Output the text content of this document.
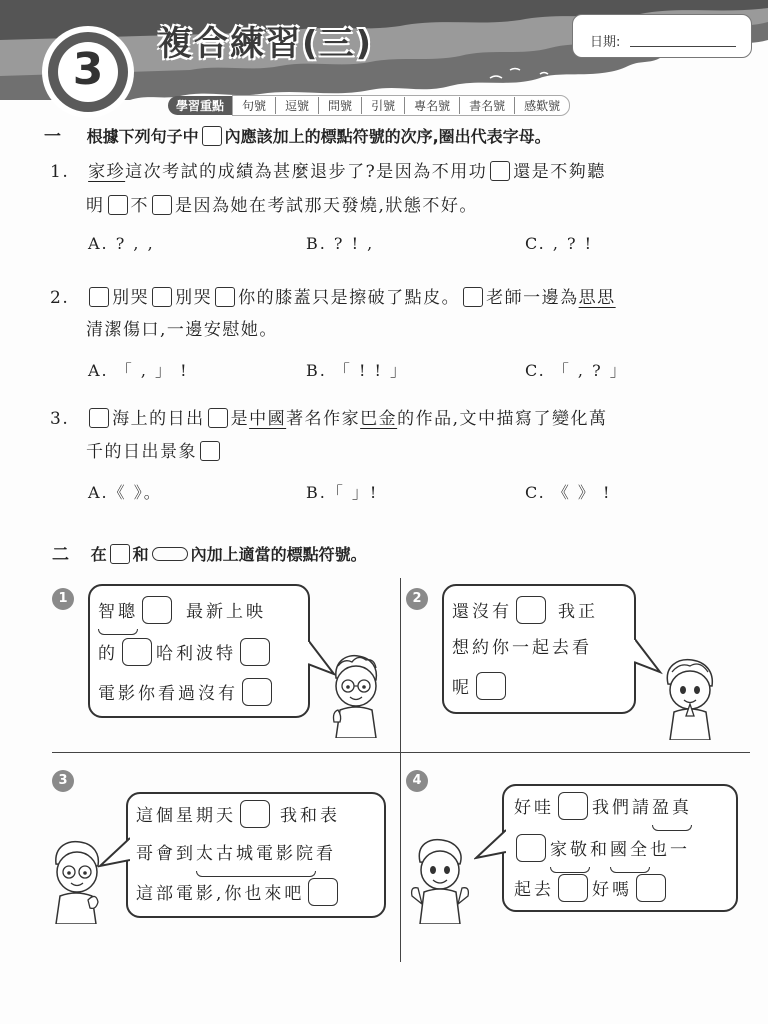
3	複合練習(三)	日期:
學習重點	句號	逗號	問號	引號	專名號	書名號	感歎號
一 根據下列句子中 內應該加上的標點符號的次序,圈出代表字母。
1. 家珍這次考試的成績為甚麼退步了?是因為不用功 還是不夠聽
明 不 是因為她在考試那天發燒,狀態不好。
A. ? , ,	B. ? ! ,	C. , ? !
2.	別哭 別哭 你的膝蓋只是擦破了點皮。 老師一邊為思思
清潔傷口,一邊安慰她。
A. 「 , 」 !	B. 「 ! ! 」	C. 「 , ? 」
3.	海上的日出 是中國著名作家巴金的作品,文中描寫了變化萬
千的日出景象
A.《 》。	B.「 」!	C. 《 》 !
二 在 和	內加上適當的標點符號。
1
智聰	最新上映
的 哈利波特
電影你看過沒有
2
還沒有	我正
想約你一起去看
呢
3
這個星期天	我和表
哥會到太古城電影院看
這部電影,你也來吧
4
好哇 我們請盈真
家敬和國全也一
起去 好嗎
